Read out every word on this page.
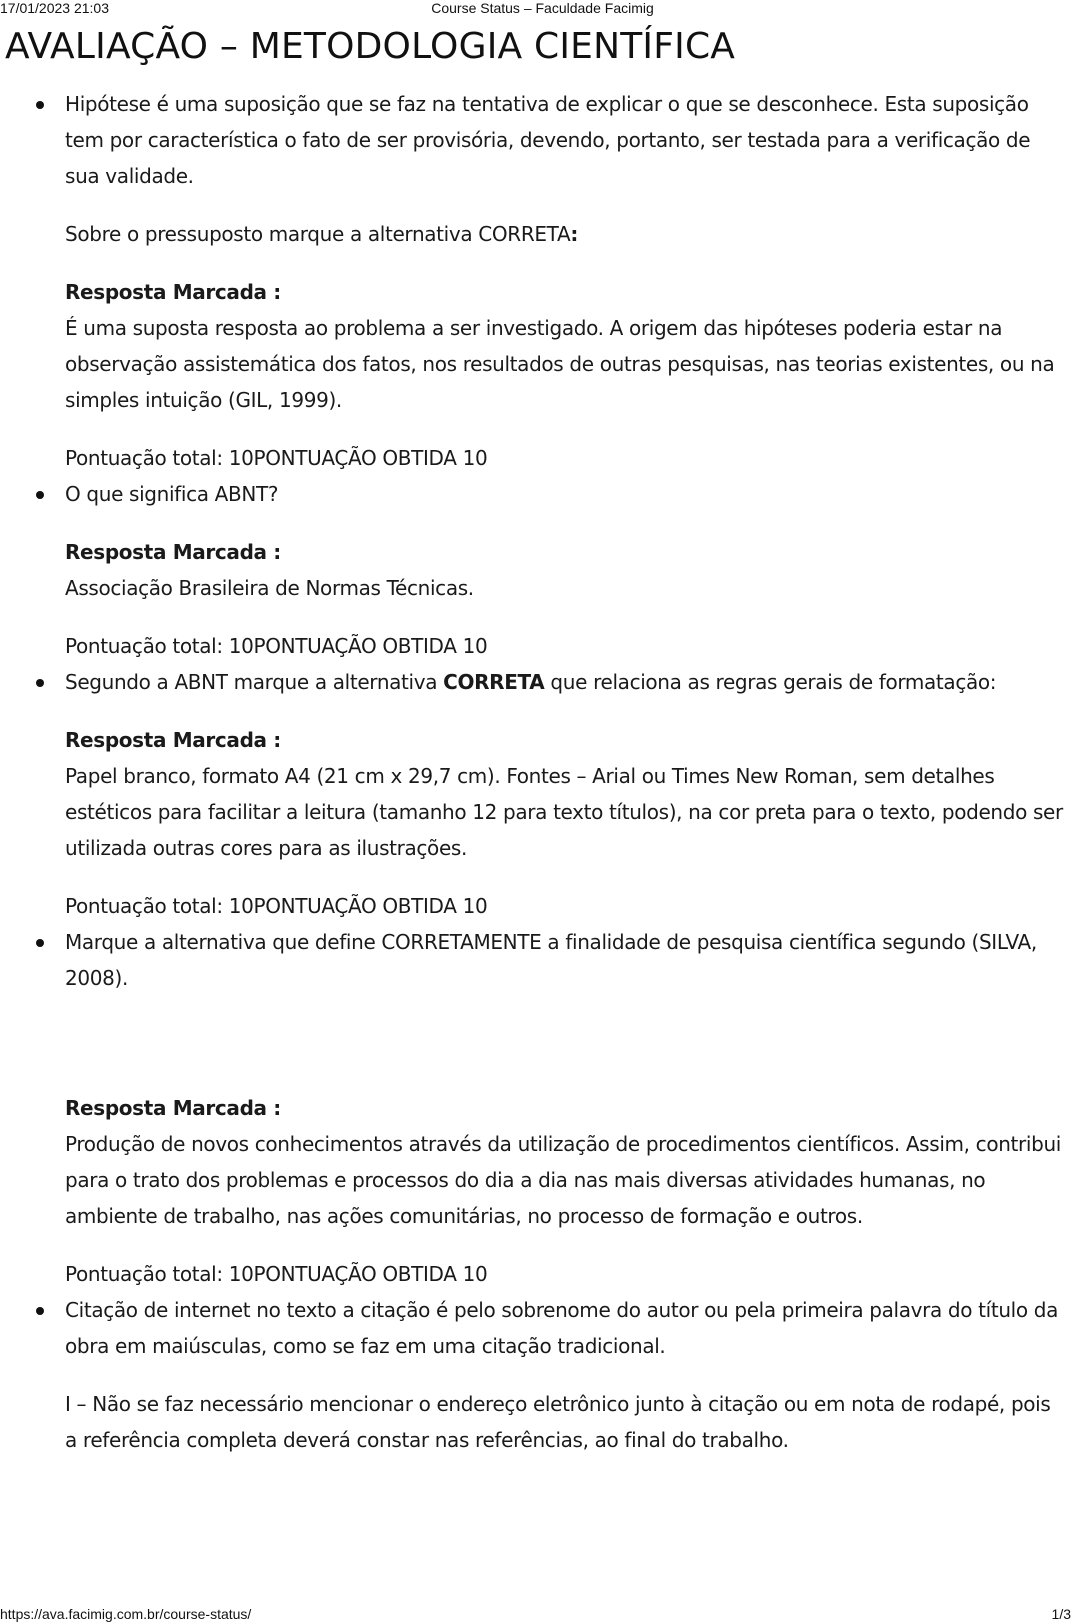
17/01/2023 21:03	Course Status – Faculdade Facimig
AVALIAÇÃO – METODOLOGIA CIENTÍFICA

Hipótese é uma suposição que se faz na tentativa de explicar o que se desconhece. Esta suposição tem por característica o fato de ser provisória, devendo, portanto, ser testada para a verificação de sua validade.

Sobre o pressuposto marque a alternativa CORRETA:

Resposta Marcada :

É uma suposta resposta ao problema a ser investigado. A origem das hipóteses poderia estar na observação assistemática dos fatos, nos resultados de outras pesquisas, nas teorias existentes, ou na simples intuição (GIL, 1999).

Pontuação total: 10PONTUAÇÃO OBTIDA 10

O que significa ABNT?

Resposta Marcada :

Associação Brasileira de Normas Técnicas.

Pontuação total: 10PONTUAÇÃO OBTIDA 10

Segundo a ABNT marque a alternativa CORRETA que relaciona as regras gerais de formatação:

Resposta Marcada :

Papel branco, formato A4 (21 cm x 29,7 cm). Fontes – Arial ou Times New Roman, sem detalhes estéticos para facilitar a leitura (tamanho 12 para texto títulos), na cor preta para o texto, podendo ser utilizada outras cores para as ilustrações.

Pontuação total: 10PONTUAÇÃO OBTIDA 10

Marque a alternativa que define CORRETAMENTE a finalidade de pesquisa científica segundo (SILVA, 2008).

Resposta Marcada :

Produção de novos conhecimentos através da utilização de procedimentos científicos. Assim, contribui para o trato dos problemas e processos do dia a dia nas mais diversas atividades humanas, no ambiente de trabalho, nas ações comunitárias, no processo de formação e outros.

Pontuação total: 10PONTUAÇÃO OBTIDA 10

Citação de internet no texto a citação é pelo sobrenome do autor ou pela primeira palavra do título da obra em maiúsculas, como se faz em uma citação tradicional.

I – Não se faz necessário mencionar o endereço eletrônico junto à citação ou em nota de rodapé, pois a referência completa deverá constar nas referências, ao final do trabalho.

https://ava.facimig.com.br/course-status/	1/3
